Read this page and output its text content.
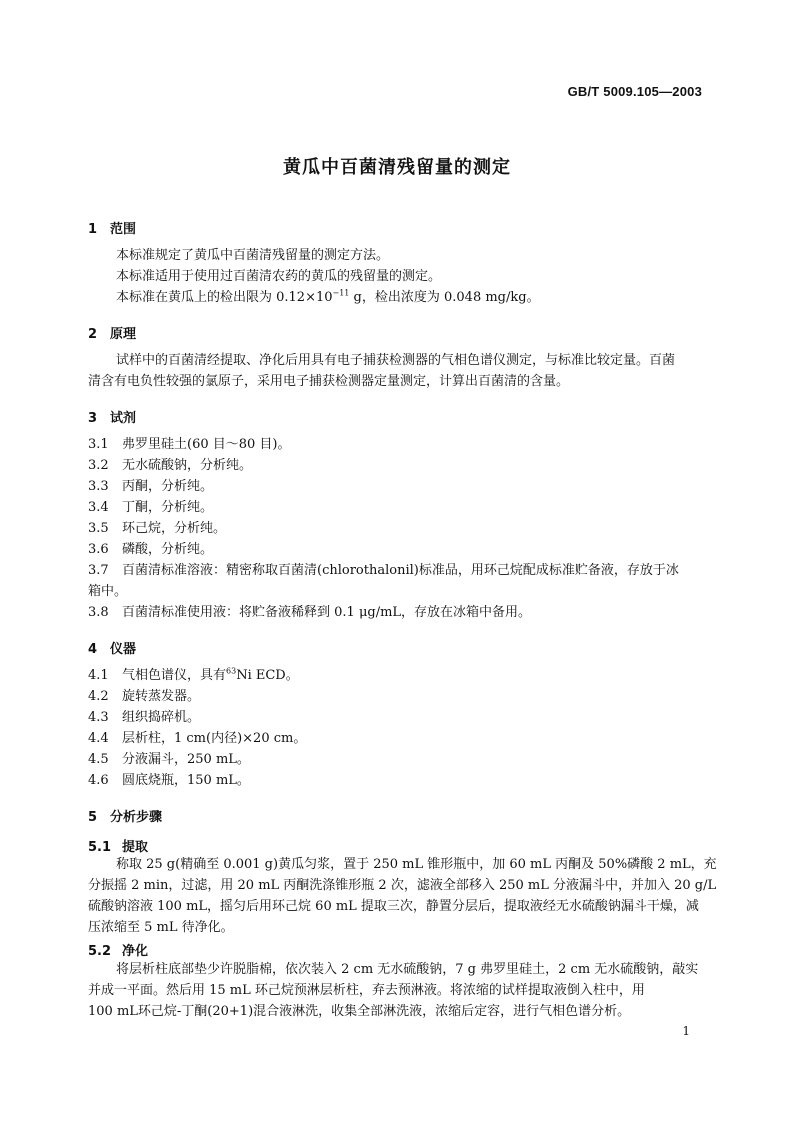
GB/T 5009.105—2003
黄瓜中百菌清残留量的测定
1 范围
本标准规定了黄瓜中百菌清残留量的测定方法。
本标准适用于使用过百菌清农药的黄瓜的残留量的测定。
本标准在黄瓜上的检出限为 $0.12\times 10^{-11}$ g，检出浓度为 0.048 mg/kg。
2 原理
试样中的百菌清经提取、净化后用具有电子捕获检测器的气相色谱仪测定，与标准比较定量。百菌
清含有电负性较强的氯原子，采用电子捕获检测器定量测定，计算出百菌清的含量。
3 试剂
3.1 弗罗里硅土(60 目～80 目)。
3.2 无水硫酸钠，分析纯。
3.3 丙酮，分析纯。
3.4 丁酮，分析纯。
3.5 环己烷，分析纯。
3.6 磷酸，分析纯。
3.7 百菌清标准溶液：精密称取百菌清(chlorothalonil)标准品，用环己烷配成标准贮备液，存放于冰
箱中。
3.8 百菌清标准使用液：将贮备液稀释到 0.1 μg/mL，存放在冰箱中备用。
4 仪器
4.1 气相色谱仪，具有$^{63}$Ni ECD。
4.2 旋转蒸发器。
4.3 组织捣碎机。
4.4 层析柱，1 cm(内径)×20 cm。
4.5 分液漏斗，250 mL。
4.6 圆底烧瓶，150 mL。
5 分析步骤
5.1 提取
称取 25 g(精确至 0.001 g)黄瓜匀浆，置于 250 mL 锥形瓶中，加 60 mL 丙酮及 50%磷酸 2 mL，充
分振摇 2 min，过滤，用 20 mL 丙酮洗涤锥形瓶 2 次，滤液全部移入 250 mL 分液漏斗中，并加入 20 g/L
硫酸钠溶液 100 mL，摇匀后用环己烷 60 mL 提取三次，静置分层后，提取液经无水硫酸钠漏斗干燥，减
压浓缩至 5 mL 待净化。
5.2 净化
将层析柱底部垫少许脱脂棉，依次装入 2 cm 无水硫酸钠，7 g 弗罗里硅土，2 cm 无水硫酸钠，敲实
并成一平面。然后用 15 mL 环己烷预淋层析柱，弃去预淋液。将浓缩的试样提取液倒入柱中，用
100 mL环己烷-丁酮(20+1)混合液淋洗，收集全部淋洗液，浓缩后定容，进行气相色谱分析。
1
